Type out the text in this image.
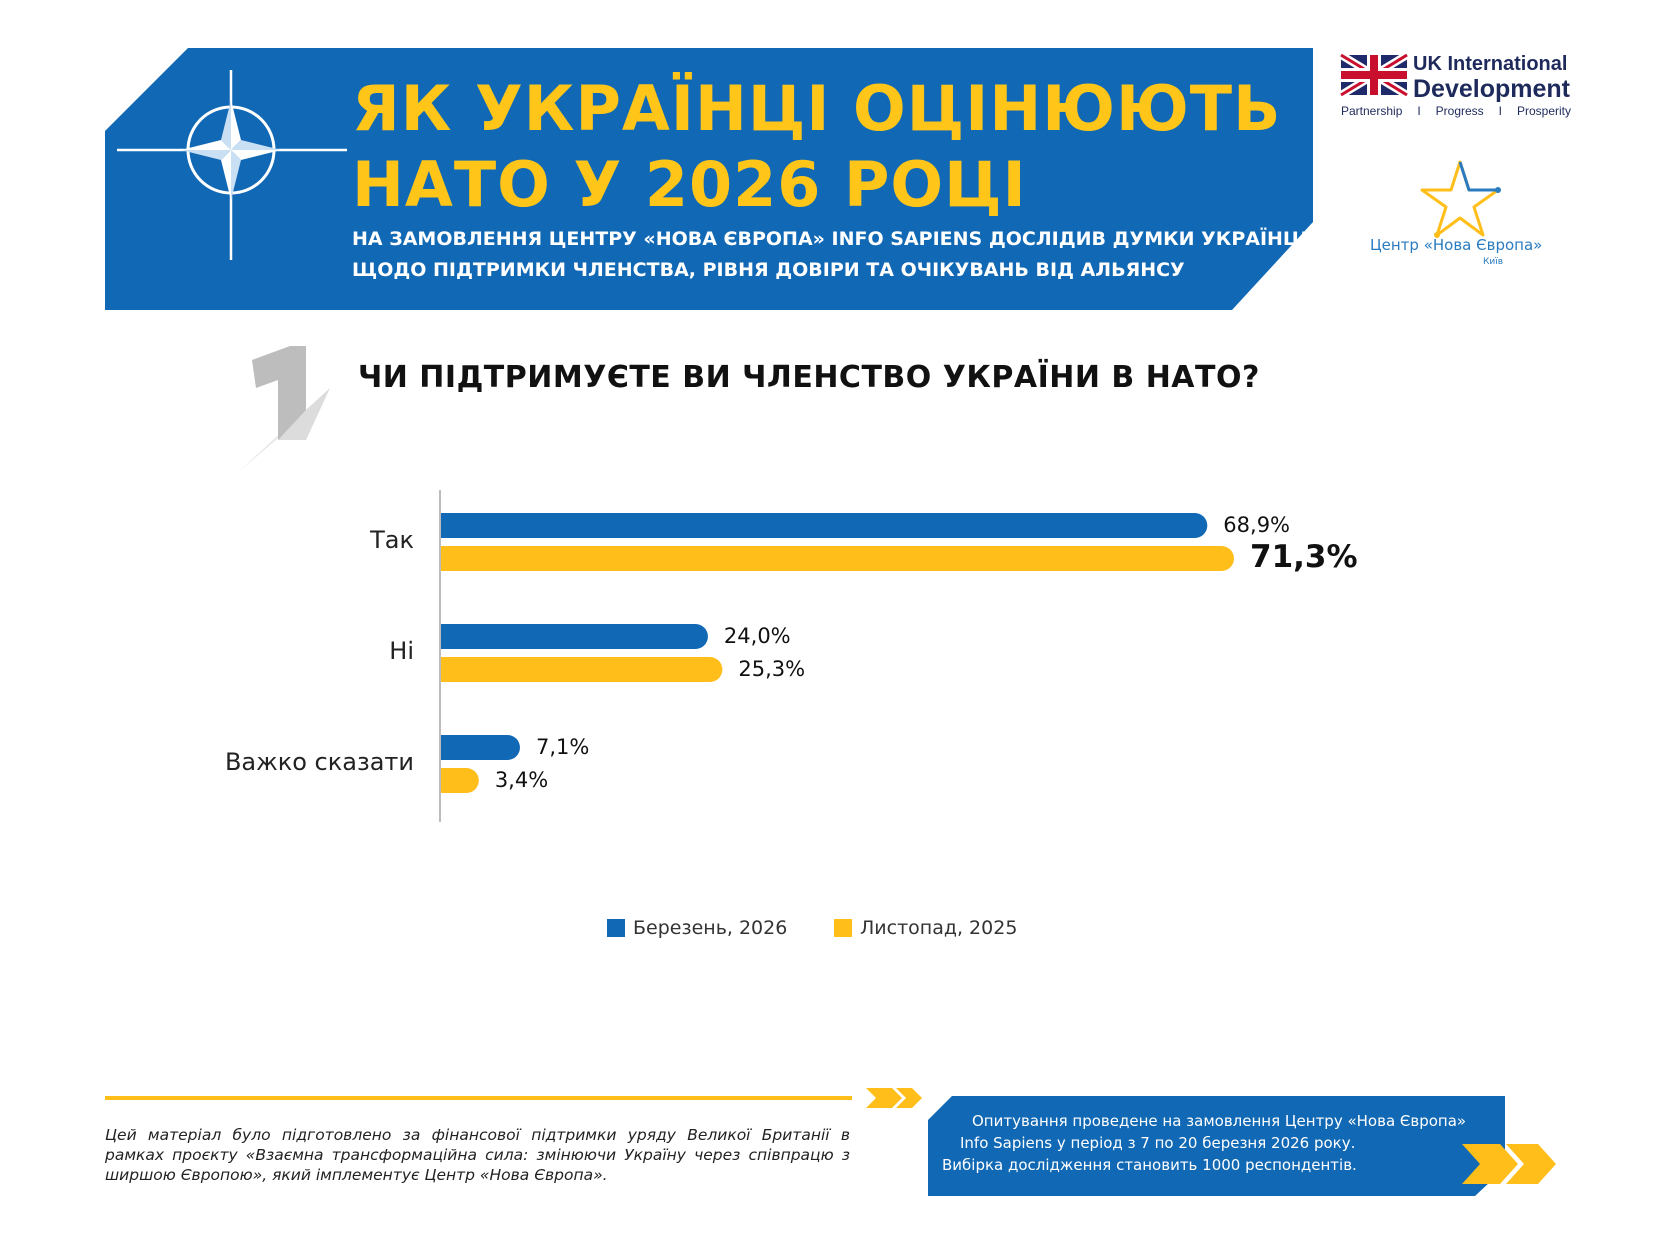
ЯК УКРАЇНЦІ ОЦІНЮЮТЬ
НАТО У 2026 РОЦІ
НА ЗАМОВЛЕННЯ ЦЕНТРУ «НОВА ЄВРОПА» INFO SAPIENS ДОСЛІДИВ ДУМКИ УКРАЇНЦІВ
ЩОДО ПІДТРИМКИ ЧЛЕНСТВА, РІВНЯ ДОВІРИ ТА ОЧІКУВАНЬ ВІД АЛЬЯНСУ
UK International
Development
Partnership I Progress I Prosperity
Центр «Нова Європа»
Київ
ЧИ ПІДТРИМУЄТЕ ВИ ЧЛЕНСТВО УКРАЇНИ В НАТО?
Так
Ні
Важко сказати
68,9%
71,3%
24,0%
25,3%
7,1%
3,4%
Березень, 2026	Листопад, 2025
Цей матеріал було підготовлено за фінансової підтримки уряду Великої Британії в рамках проєкту «Взаємна трансформаційна сила: змінюючи Україну через співпрацю з ширшою Європою», який імплементує Центр «Нова Європа».
Опитування проведене на замовлення Центру «Нова Європа»
Info Sapiens у період з 7 по 20 березня 2026 року.
Вибірка дослідження становить 1000 респондентів.
